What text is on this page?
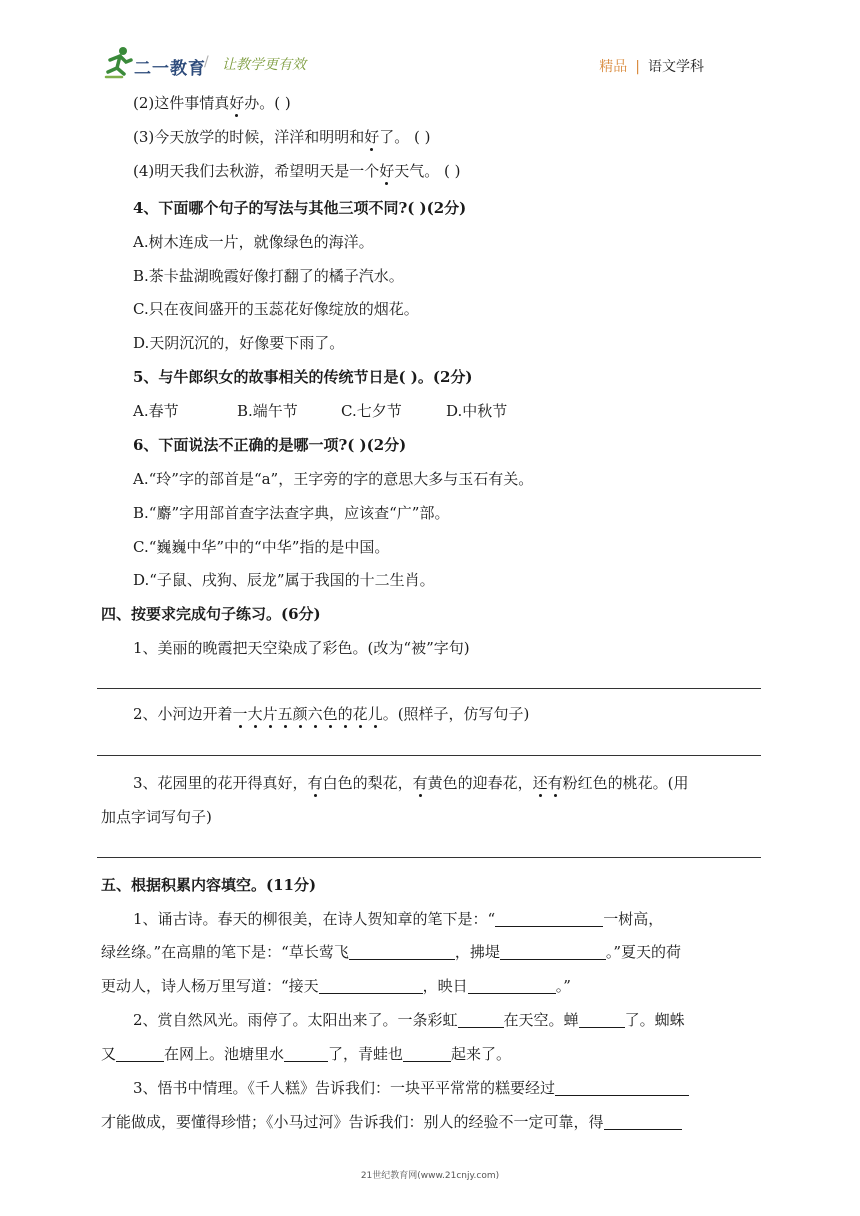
二一教育
/ 让教学更有效	精品 | 语文学科
(2)这件事情真好办。( )
(3)今天放学的时候，洋洋和明明和好了。 ( )
(4)明天我们去秋游，希望明天是一个好天气。 ( )
4、下面哪个句子的写法与其他三项不同?( )(2分)
A.树木连成一片，就像绿色的海洋。
B.茶卡盐湖晚霞好像打翻了的橘子汽水。
C.只在夜间盛开的玉蕊花好像绽放的烟花。
D.天阴沉沉的，好像要下雨了。
5、与牛郎织女的故事相关的传统节日是( )。(2分)
A.春节	B.端午节	C.七夕节	D.中秋节
6、下面说法不正确的是哪一项?( )(2分)
A.“玲”字的部首是“a”，王字旁的字的意思大多与玉石有关。
B.“麝”字用部首查字法查字典，应该查“广”部。
C.“巍巍中华”中的“中华”指的是中国。
D.“子鼠、戌狗、辰龙”属于我国的十二生肖。
四、按要求完成句子练习。(6分)
1、美丽的晚霞把天空染成了彩色。(改为“被”字句)
2、小河边开着一大片五颜六色的花儿。(照样子，仿写句子)
3、花园里的花开得真好，有白色的梨花，有黄色的迎春花，还有粉红色的桃花。(用
加点字词写句子)
五、根据积累内容填空。(11分)
1、诵古诗。春天的柳很美，在诗人贺知章的笔下是：“	一树高，
绿丝绦。”在高鼎的笔下是：“草长莺飞	，拂堤	。”夏天的荷
更动人，诗人杨万里写道：“接天	，映日	。”
2、赏自然风光。雨停了。太阳出来了。一条彩虹	在天空。蝉	了。蜘蛛
又	在网上。池塘里水	了，青蛙也	起来了。
3、悟书中情理。《千人糕》告诉我们：一块平平常常的糕要经过
才能做成，要懂得珍惜；《小马过河》告诉我们：别人的经验不一定可靠，得
21世纪教育网(www.21cnjy.com)
